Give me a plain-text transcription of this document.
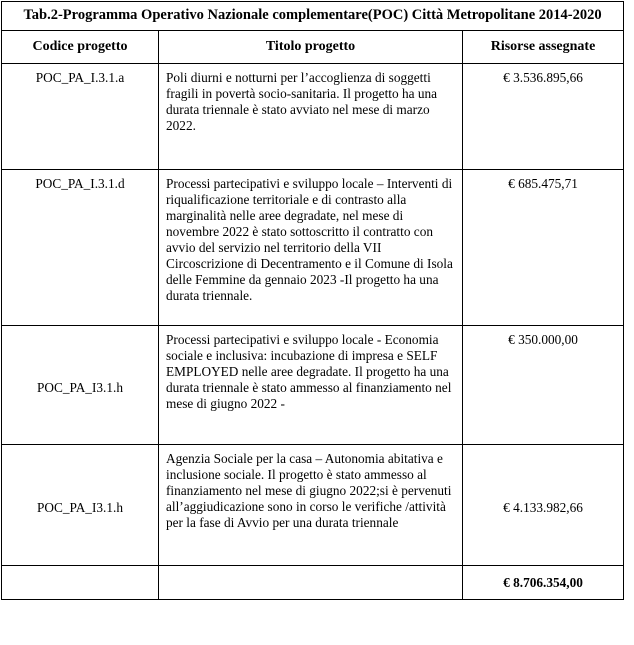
Tab.2-Programma Operativo Nazionale complementare(POC) Città Metropolitane 2014-2020		
Codice progetto	Titolo progetto	Risorse assegnate
POC_PA_I.3.1.a	Poli diurni e notturni per l’accoglienza di soggetti fragili in povertà socio-sanitaria. Il progetto ha una durata triennale è stato avviato nel mese di marzo 2022.	€ 3.536.895,66
POC_PA_I.3.1.d	Processi partecipativi e sviluppo locale – Interventi di riqualificazione territoriale e di contrasto alla marginalità nelle aree degradate, nel mese di novembre 2022 è stato sottoscritto il contratto con avvio del servizio nel territorio della VII Circoscrizione di Decentramento e il Comune di Isola delle Femmine da gennaio 2023 -Il progetto ha una durata triennale.	€ 685.475,71
POC_PA_I3.1.h	Processi partecipativi e sviluppo locale - Economia sociale e inclusiva: incubazione di impresa e SELF EMPLOYED nelle aree degradate. Il progetto ha una durata triennale è stato ammesso al finanziamento nel mese di giugno 2022 -	€ 350.000,00
POC_PA_I3.1.h	Agenzia Sociale per la casa – Autonomia abitativa e inclusione sociale. Il progetto è stato ammesso al finanziamento nel mese di giugno 2022;si è pervenuti all’aggiudicazione sono in corso le verifiche /attività per la fase di Avvio per una durata triennale	€ 4.133.982,66
		€ 8.706.354,00
